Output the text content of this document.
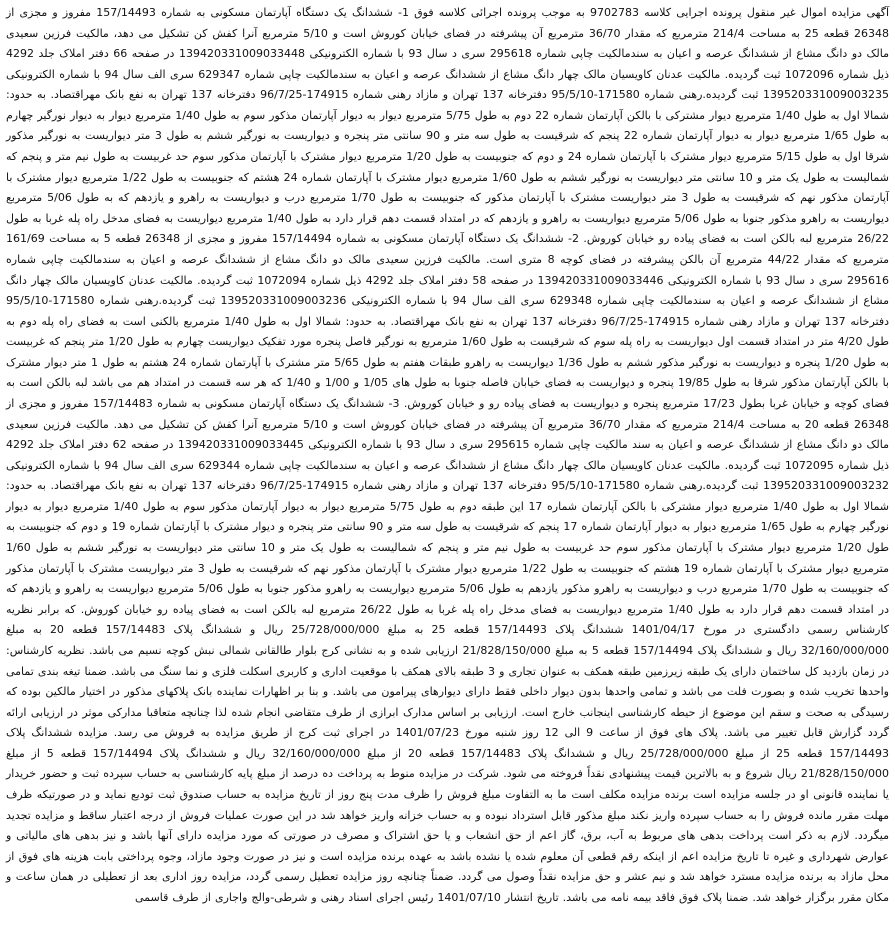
آگهی مزایده اموال غیر منقول پرونده اجرایی کلاسه 9702783 به موجب پرونده اجرائی کلاسه فوق 1- ششدانگ یک دستگاه آپارتمان مسکونی به شماره 157/14493 مفروز و مجزی از 26348 قطعه 25 به مساحت 214/4 مترمربع که مقدار 36/70 مترمربع آن پیشرفته در فضای خیابان کوروش است و 5/10 مترمربع آنرا کفش کن تشکیل می دهد، مالکیت فرزین سعیدی مالک دو دانگ مشاع از ششدانگ عرصه و اعیان به سندمالکیت چاپی شماره 295618 سری د سال 93 با شماره الکترونیکی 139420331009033448 در صفحه 66 دفتر املاک جلد 4292 ذیل شماره 1072096 ثبت گردیده. مالکیت عدنان کاویسیان مالک چهار دانگ مشاع از ششدانگ عرصه و اعیان به سندمالکیت چاپی شماره 629347 سری الف سال 94 با شماره الکترونیکی 139520331009003235 ثبت گردیده.رهنی شماره 171580-95/5/10 دفترخانه 137 تهران و مازاد رهنی شماره 174915-96/7/25 دفترخانه 137 تهران به نفع بانک مهراقتصاد. به حدود: شمالا اول به طول 1/40 مترمربع دیوار مشترکی با بالکن آپارتمان شماره 22 دوم به طول 5/75 مترمربع دیوار به دیوار آپارتمان مذکور سوم به طول 1/40 مترمربع دیوار به دیوار نورگیر چهارم به طول 1/65 مترمربع دیوار به دیوار آپارتمان شماره 22 پنجم که شرقیست به طول سه متر و 90 سانتی متر پنجره و دیواریست به نورگیر ششم به طول 3 متر دیواریست به نورگیر مذکور شرقا اول به طول 5/15 مترمربع دیوار مشترک با آپارتمان شماره 24 و دوم که جنوبیست به طول 1/20 مترمربع دیوار مشترک با آپارتمان مذکور سوم حد غربیست به طول نیم متر و پنجم که شمالیست به طول یک متر و 10 سانتی متر دیواریست به نورگیر ششم به طول 1/60 مترمربع دیوار مشترک با آپارتمان شماره 24 هشتم که جنوبیست به طول 1/22 مترمربع دیوار مشترک با آپارتمان مذکور نهم که شرقیست به طول 3 متر دیواریست مشترک با آپارتمان مذکور که جنوبیست به طول 1/70 مترمربع درب و دیواریست به راهرو و یازدهم که به طول 5/06 مترمربع دیواریست به راهرو مذکور جنوبا به طول 5/06 مترمربع دیواریست به راهرو و یازدهم که در امتداد قسمت دهم قرار دارد به طول 1/40 مترمربع دیواریست به فضای مدخل راه پله غربا به طول 26/22 مترمربع لبه بالکن است به فضای پیاده رو خیابان کوروش. 2- ششدانگ یک دستگاه آپارتمان مسکونی به شماره 157/14494 مفروز و مجزی از 26348 قطعه 5 به مساحت 161/69 مترمربع که مقدار 44/22 مترمربع آن بالکن پیشرفته در فضای کوچه 8 متری است. مالکیت فرزین سعیدی مالک دو دانگ مشاع از ششدانگ عرصه و اعیان به سندمالکیت چاپی شماره 295616 سری د سال 93 با شماره الکترونیکی 139420331009033446 در صفحه 58 دفتر املاک جلد 4292 ذیل شماره 1072094 ثبت گردیده. مالکیت عدنان کاویسیان مالک چهار دانگ مشاع از ششدانگ عرصه و اعیان به سندمالکیت چاپی شماره 629348 سری الف سال 94 با شماره الکترونیکی 139520331009003236 ثبت گردیده.رهنی شماره 171580-95/5/10 دفترخانه 137 تهران و مازاد رهنی شماره 174915-96/7/25 دفترخانه 137 تهران به نفع بانک مهراقتصاد. به حدود: شمالا اول به طول 1/40 مترمربع بالکنی است به فضای راه پله دوم به طول 4/20 متر در امتداد قسمت اول دیواریست به راه پله سوم که شرقیست به طول 1/60 مترمربع به نورگیر فاصل پنجره مورد تفکیک دیواریست چهارم به طول 1/20 متر پنجم که غربیست به طول 1/20 پنجره و دیواریست به نورگیر مذکور ششم به طول 1/36 دیواریست به راهرو طبقات هفتم به طول 5/65 متر مشترک با آپارتمان شماره 24 هشتم به طول 1 متر دیوار مشترک با بالکن آپارتمان مذکور شرقا به طول 19/85 پنجره و دیواریست به فضای خیابان فاصله جنوبا به طول های 1/05 و 1/00 و 1/40 که هر سه قسمت در امتداد هم می باشد لبه بالکن است به فضای کوچه و خیابان غربا بطول 17/23 مترمربع پنجره و دیواریست به فضای پیاده رو و خیابان کوروش. 3- ششدانگ یک دستگاه آپارتمان مسکونی به شماره 157/14483 مفروز و مجزی از 26348 قطعه 20 به مساحت 214/4 مترمربع که مقدار 36/70 مترمربع آن پیشرفته در فضای خیابان کوروش است و 5/10 مترمربع آنرا کفش کن تشکیل می دهد. مالکیت فرزین سعیدی مالک دو دانگ مشاع از ششدانگ عرصه و اعیان به سند مالکیت چاپی شماره 295615 سری د سال 93 با شماره الکترونیکی 139420331009033445 در صفحه 62 دفتر املاک جلد 4292 ذیل شماره 1072095 ثبت گردیده. مالکیت عدنان کاویسیان مالک چهار دانگ مشاع از ششدانگ عرصه و اعیان به سندمالکیت چاپی شماره 629344 سری الف سال 94 با شماره الکترونیکی 139520331009003232 ثبت گردیده.رهنی شماره 171580-95/5/10 دفترخانه 137 تهران و مازاد رهنی شماره 174915-96/7/25 دفترخانه 137 تهران به نفع بانک مهراقتصاد. به حدود: شمالا اول به طول 1/40 مترمربع دیوار مشترکی با بالکن آپارتمان شماره 17 این طبقه دوم به طول 5/75 مترمربع دیوار به دیوار آپارتمان مذکور سوم به طول 1/40 مترمربع دیوار به دیوار نورگیر چهارم به طول 1/65 مترمربع دیوار به دیوار آپارتمان شماره 17 پنجم که شرقیست به طول سه متر و 90 سانتی متر پنجره و دیوار مشترک با آپارتمان شماره 19 و دوم که جنوبیست به طول 1/20 مترمربع دیوار مشترک با آپارتمان مذکور سوم حد غربیست به طول نیم متر و پنجم که شمالیست به طول یک متر و 10 سانتی متر دیواریست به نورگیر ششم به طول 1/60 مترمربع دیوار مشترک با آپارتمان شماره 19 هشتم که جنوبیست به طول 1/22 مترمربع دیوار مشترک با آپارتمان مذکور نهم که شرقیست به طول 3 متر دیواریست مشترک با آپارتمان مذکور که جنوبیست به طول 1/70 مترمربع درب و دیواریست به راهرو مذکور یازدهم به طول 5/06 مترمربع دیواریست به راهرو مذکور جنوبا به طول 5/06 مترمربع دیواریست به راهرو و یازدهم که در امتداد قسمت دهم قرار دارد به طول 1/40 مترمربع دیواریست به فضای مدخل راه پله غربا به طول 26/22 مترمربع لبه بالکن است به فضای پیاده رو خیابان کوروش. که برابر نظریه کارشناس رسمی دادگستری در مورخ 1401/04/17 ششدانگ پلاک 157/14493 قطعه 25 به مبلغ 25/728/000/000 ریال و ششدانگ پلاک 157/14483 قطعه 20 به مبلغ 32/160/000/000 ریال و ششدانگ پلاک 157/14494 قطعه 5 به مبلغ 21/828/150/000 ارزیابی شده و به نشانی کرج بلوار طالقانی شمالی نبش کوچه نسیم می باشد. نظریه کارشناس: در زمان بازدید کل ساختمان دارای یک طبقه زیرزمین طبقه همکف به عنوان تجاری و 3 طبقه بالای همکف با موقعیت اداری و کاربری اسکلت فلزی و نما سنگ می باشد. ضمنا تیغه بندی تمامی واحدها تخریب شده و بصورت فلت می باشد و تمامی واحدها بدون دیوار داخلی فقط دارای دیوارهای پیرامون می باشد. و بنا بر اظهارات نماینده بانک پلاکهای مذکور در اختیار مالکین بوده که رسیدگی به صحت و سقم این موضوع از حیطه کارشناسی اینجانب خارج است. ارزیابی بر اساس مدارک ابرازی از طرف متقاضی انجام شده لذا چنانچه متعاقبا مدارکی موثر در ارزیابی ارائه گردد گزارش قابل تغییر می باشد. پلاک های فوق از ساعت 9 الی 12 روز شنبه مورخ 1401/07/23 در اجرای ثبت کرج از طریق مزایده به فروش می رسد. مزایده ششدانگ پلاک 157/14493 قطعه 25 از مبلغ 25/728/000/000 ریال و ششدانگ پلاک 157/14483 قطعه 20 از مبلغ 32/160/000/000 ریال و ششدانگ پلاک 157/14494 قطعه 5 از مبلغ 21/828/150/000 ریال شروع و به بالاترین قیمت پیشنهادی نقداً فروخته می شود. شرکت در مزایده منوط به پرداخت ده درصد از مبلغ پایه کارشناسی به حساب سپرده ثبت و حضور خریدار یا نماینده قانونی او در جلسه مزایده است برنده مزایده مکلف است ما به التفاوت مبلغ فروش را ظرف مدت پنج روز از تاریخ مزایده به حساب صندوق ثبت تودیع نماید و در صورتیکه ظرف مهلت مقرر مانده فروش را به حساب سپرده واریز نکند مبلغ مذکور قابل استرداد نبوده و به حساب خزانه واریز خواهد شد در این صورت عملیات فروش از درجه اعتبار ساقط و مزایده تجدید میگردد. لازم به ذکر است پرداخت بدهی های مربوط به آب، برق، گاز اعم از حق انشعاب و یا حق اشتراک و مصرف در صورتی که مورد مزایده دارای آنها باشد و نیز بدهی های مالیاتی و عوارض شهرداری و غیره تا تاریخ مزایده اعم از اینکه رقم قطعی آن معلوم شده یا نشده باشد به عهده برنده مزایده است و نیز در صورت وجود مازاد، وجوه پرداختی بابت هزینه های فوق از محل مازاد به برنده مزایده مسترد خواهد شد و نیم عشر و حق مزایده نقداً وصول می گردد. ضمناً چنانچه روز مزایده تعطیل رسمی گردد، مزایده روز اداری بعد از تعطیلی در همان ساعت و مکان مقرر برگزار خواهد شد. ضمنا پلاک فوق فاقد بیمه نامه می باشد. تاریخ انتشار 1401/07/10 رئیس اجرای اسناد رهنی و شرطی-والج واجاری از طرف قاسمی
